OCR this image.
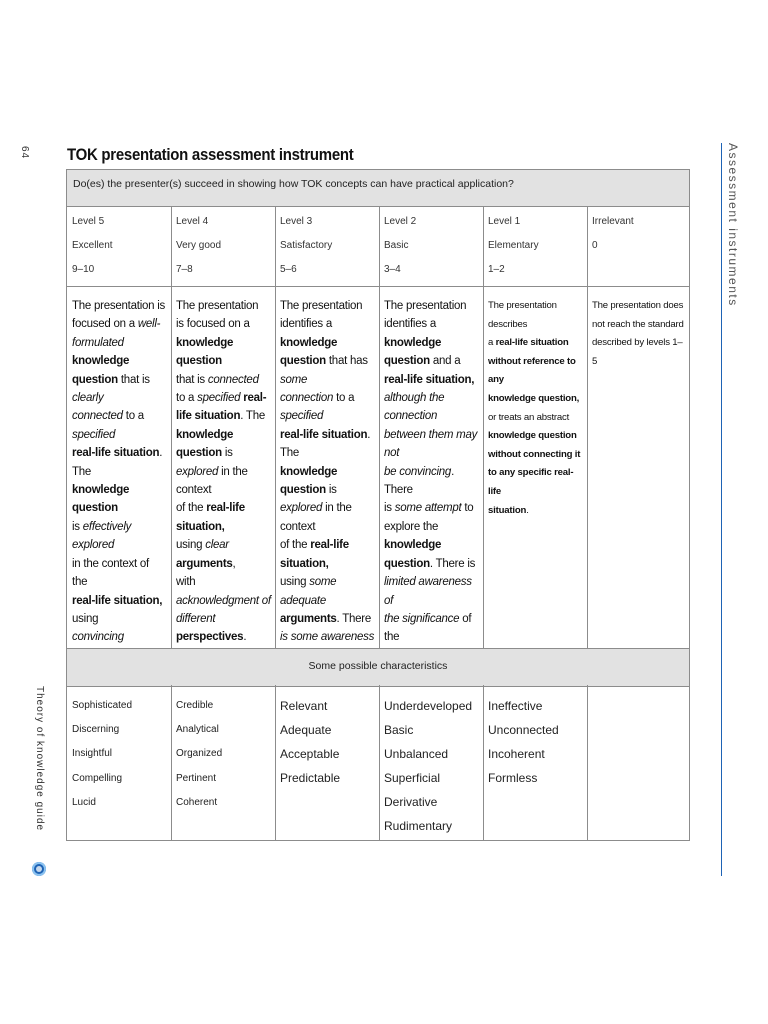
64
Theory of knowledge guide
Assessment instruments
TOK presentation assessment instrument
Do(es) the presenter(s) succeed in showing how TOK concepts can have practical application?
Some possible characteristics
Level 5
Excellent
9–10
The presentation is
focused on a well-
formulated knowledge
question that is clearly
connected to a specified
real-life situation. The
knowledge question
is effectively explored
in the context of the
real-life situation, using
convincing
Sophisticated
Discerning
Insightful
Compelling
Lucid
Level 4
Very good
7–8
The presentation
is focused on a
knowledge question
that is connected
to a specified real-
life situation. The
knowledge question is
explored in the context
of the real-life situation,
using clear arguments,
with acknowledgment of
different perspectives.
Credible
Analytical
Organized
Pertinent
Coherent
Level 3
Satisfactory
5–6
The presentation
identifies a knowledge
question that has some
connection to a specified
real-life situation. The
knowledge question is
explored in the context
of the real-life situation,
using some adequate
arguments. There
is some awareness
Relevant
Adequate
Acceptable
Predictable
Level 2
Basic
3–4
The presentation
identifies a knowledge
question and a
real-life situation,
although the connection
between them may not
be convincing. There
is some attempt to
explore the knowledge
question. There is
limited awareness of
the significance of the
Underdeveloped
Basic
Unbalanced
Superficial
Derivative
Rudimentary
Level 1
Elementary
1–2
The presentation describes
a real-life situation
without reference to any
knowledge question,
or treats an abstract
knowledge question
without connecting it
to any specific real-life
situation.
Ineffective
Unconnected
Incoherent
Formless
Irrelevant
0
The presentation does
not reach the standard
described by levels 1–5
